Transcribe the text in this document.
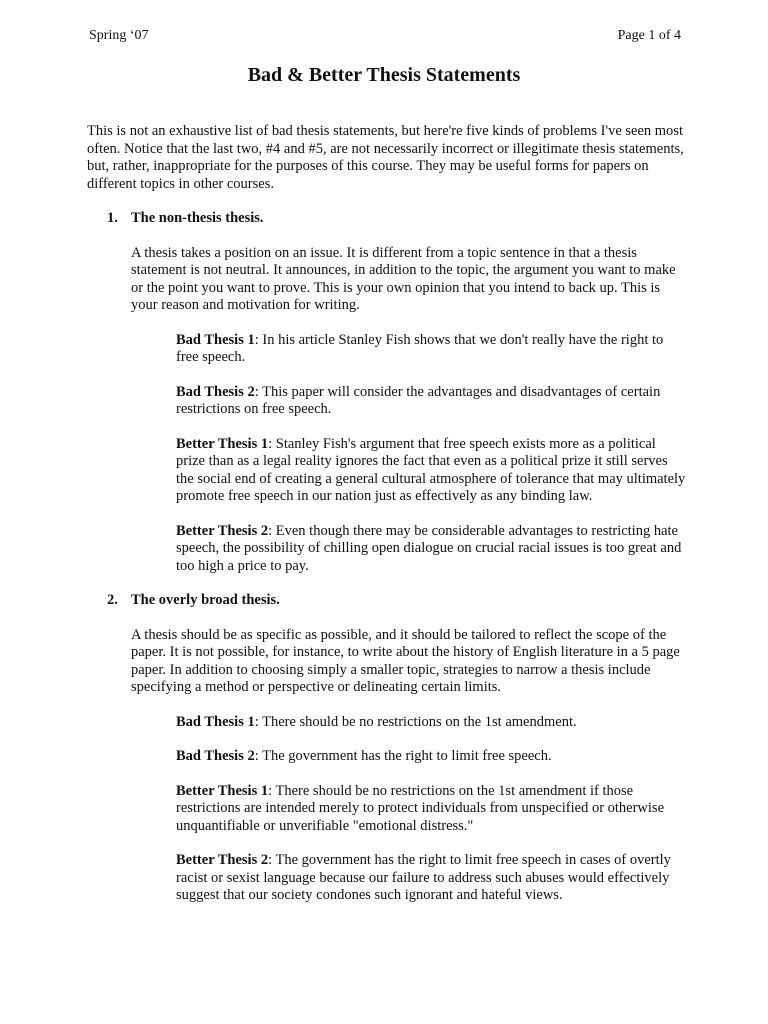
Spring ‘07	Page 1 of 4
Bad & Better Thesis Statements

This is not an exhaustive list of bad thesis statements, but here're five kinds of problems I've seen most often. Notice that the last two, #4 and #5, are not necessarily incorrect or illegitimate thesis statements, but, rather, inappropriate for the purposes of this course. They may be useful forms for papers on different topics in other courses.

1. The non-thesis thesis.

A thesis takes a position on an issue. It is different from a topic sentence in that a thesis statement is not neutral. It announces, in addition to the topic, the argument you want to make or the point you want to prove. This is your own opinion that you intend to back up. This is your reason and motivation for writing.

Bad Thesis 1: In his article Stanley Fish shows that we don't really have the right to free speech.

Bad Thesis 2: This paper will consider the advantages and disadvantages of certain restrictions on free speech.

Better Thesis 1: Stanley Fish's argument that free speech exists more as a political prize than as a legal reality ignores the fact that even as a political prize it still serves the social end of creating a general cultural atmosphere of tolerance that may ultimately promote free speech in our nation just as effectively as any binding law.

Better Thesis 2: Even though there may be considerable advantages to restricting hate speech, the possibility of chilling open dialogue on crucial racial issues is too great and too high a price to pay.

2. The overly broad thesis.

A thesis should be as specific as possible, and it should be tailored to reflect the scope of the paper. It is not possible, for instance, to write about the history of English literature in a 5 page paper. In addition to choosing simply a smaller topic, strategies to narrow a thesis include specifying a method or perspective or delineating certain limits.

Bad Thesis 1: There should be no restrictions on the 1st amendment.

Bad Thesis 2: The government has the right to limit free speech.

Better Thesis 1: There should be no restrictions on the 1st amendment if those restrictions are intended merely to protect individuals from unspecified or otherwise unquantifiable or unverifiable "emotional distress."

Better Thesis 2: The government has the right to limit free speech in cases of overtly racist or sexist language because our failure to address such abuses would effectively suggest that our society condones such ignorant and hateful views.
